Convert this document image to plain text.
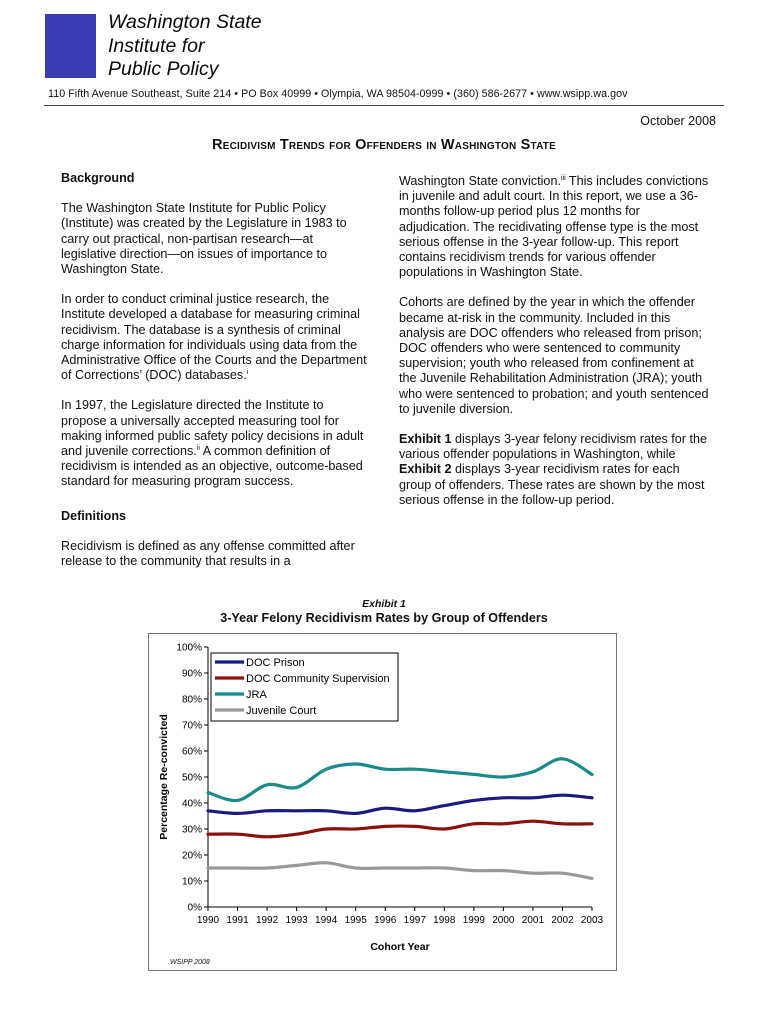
Washington State
Institute for
Public Policy
110 Fifth Avenue Southeast, Suite 214 • PO Box 40999 • Olympia, WA 98504-0999 • (360) 586-2677 • www.wsipp.wa.gov
October 2008
Recidivism Trends for Offenders in Washington State
Background

The Washington State Institute for Public Policy (Institute) was created by the Legislature in 1983 to carry out practical, non-partisan research—at legislative direction—on issues of importance to Washington State.

In order to conduct criminal justice research, the Institute developed a database for measuring criminal recidivism. The database is a synthesis of criminal charge information for individuals using data from the Administrative Office of the Courts and the Department of Corrections’ (DOC) databases.$^i$

In 1997, the Legislature directed the Institute to propose a universally accepted measuring tool for making informed public safety policy decisions in adult and juvenile corrections.$^{ii}$ A common definition of recidivism is intended as an objective, outcome-based standard for measuring program success.

Definitions

Recidivism is defined as any offense committed after release to the community that results in a

Washington State conviction.$^{iii}$ This includes convictions in juvenile and adult court. In this report, we use a 36-months follow-up period plus 12 months for adjudication. The recidivating offense type is the most serious offense in the 3-year follow-up. This report contains recidivism trends for various offender populations in Washington State.

Cohorts are defined by the year in which the offender became at-risk in the community. Included in this analysis are DOC offenders who released from prison; DOC offenders who were sentenced to community supervision; youth who released from confinement at the Juvenile Rehabilitation Administration (JRA); youth who were sentenced to probation; and youth sentenced to juvenile diversion.

Exhibit 1 displays 3-year felony recidivism rates for the various offender populations in Washington, while Exhibit 2 displays 3-year recidivism rates for each group of offenders. These rates are shown by the most serious offense in the follow-up period.

Exhibit 1
3-Year Felony Recidivism Rates by Group of Offenders
0%
10%
20%
30%
40%
50%
60%
70%
80%
90%
100%
1990 1991 1992 1993 1994 1995 1996 1997 1998 1999 2000 2001 2002 2003
Cohort Year
Percentage Re-convicted
DOC Prison
DOC Community Supervision
JRA
Juvenile Court
WSIPP 2008
